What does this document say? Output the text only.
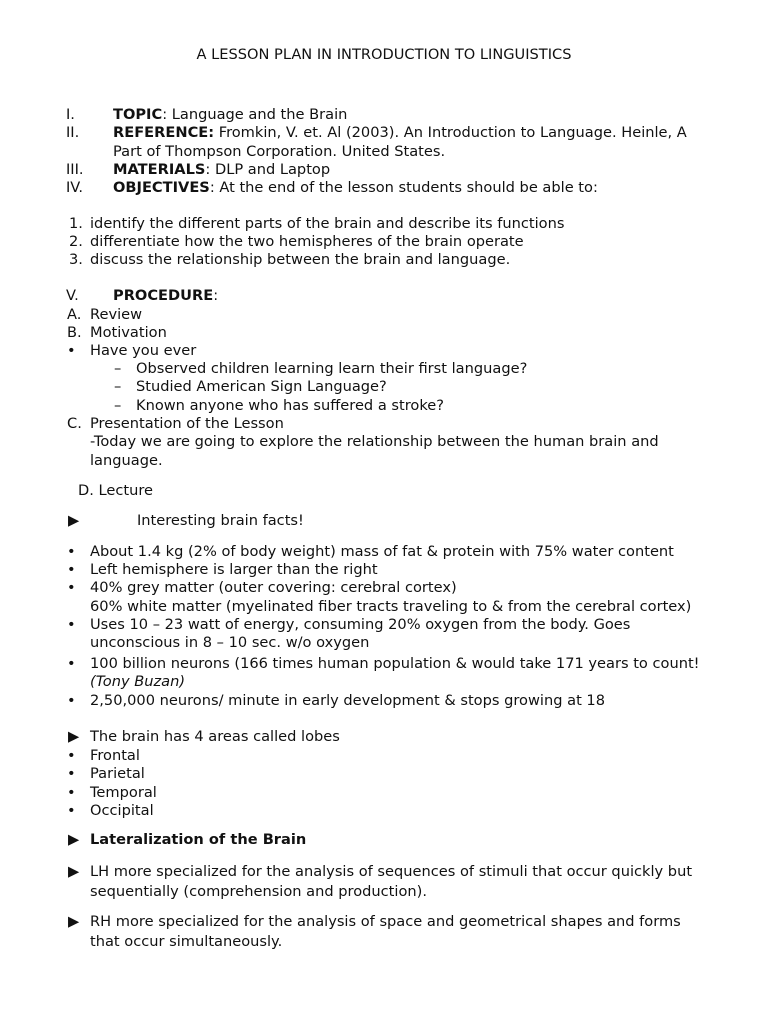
A LESSON PLAN IN INTRODUCTION TO LINGUISTICS
I.	TOPIC: Language and the Brain
II. REFERENCE: Fromkin, V. et. Al (2003). An Introduction to Language. Heinle, A
Part of Thompson Corporation. United States.
III. MATERIALS: DLP and Laptop
IV. OBJECTIVES: At the end of the lesson students should be able to:
1. identify the different parts of the brain and describe its functions
2. differentiate how the two hemispheres of the brain operate
3. discuss the relationship between the brain and language.
V. PROCEDURE:
A. Review
B. Motivation
• Have you ever
– Observed children learning learn their first language?
– Studied American Sign Language?
– Known anyone who has suffered a stroke?
C. Presentation of the Lesson
-Today we are going to explore the relationship between the human brain and
language.
D. Lecture
▶	Interesting brain facts!
• About 1.4 kg (2% of body weight) mass of fat & protein with 75% water content
• Left hemisphere is larger than the right
• 40% grey matter (outer covering: cerebral cortex)
60% white matter (myelinated fiber tracts traveling to & from the cerebral cortex)
• Uses 10 – 23 watt of energy, consuming 20% oxygen from the body. Goes
unconscious in 8 – 10 sec. w/o oxygen
• 100 billion neurons (166 times human population & would take 171 years to count!
(Tony Buzan)
• 2,50,000 neurons/ minute in early development & stops growing at 18
▶ The brain has 4 areas called lobes
• Frontal
• Parietal
• Temporal
• Occipital
▶ Lateralization of the Brain
▶ LH more specialized for the analysis of sequences of stimuli that occur quickly but
sequentially (comprehension and production).
▶ RH more specialized for the analysis of space and geometrical shapes and forms
that occur simultaneously.
